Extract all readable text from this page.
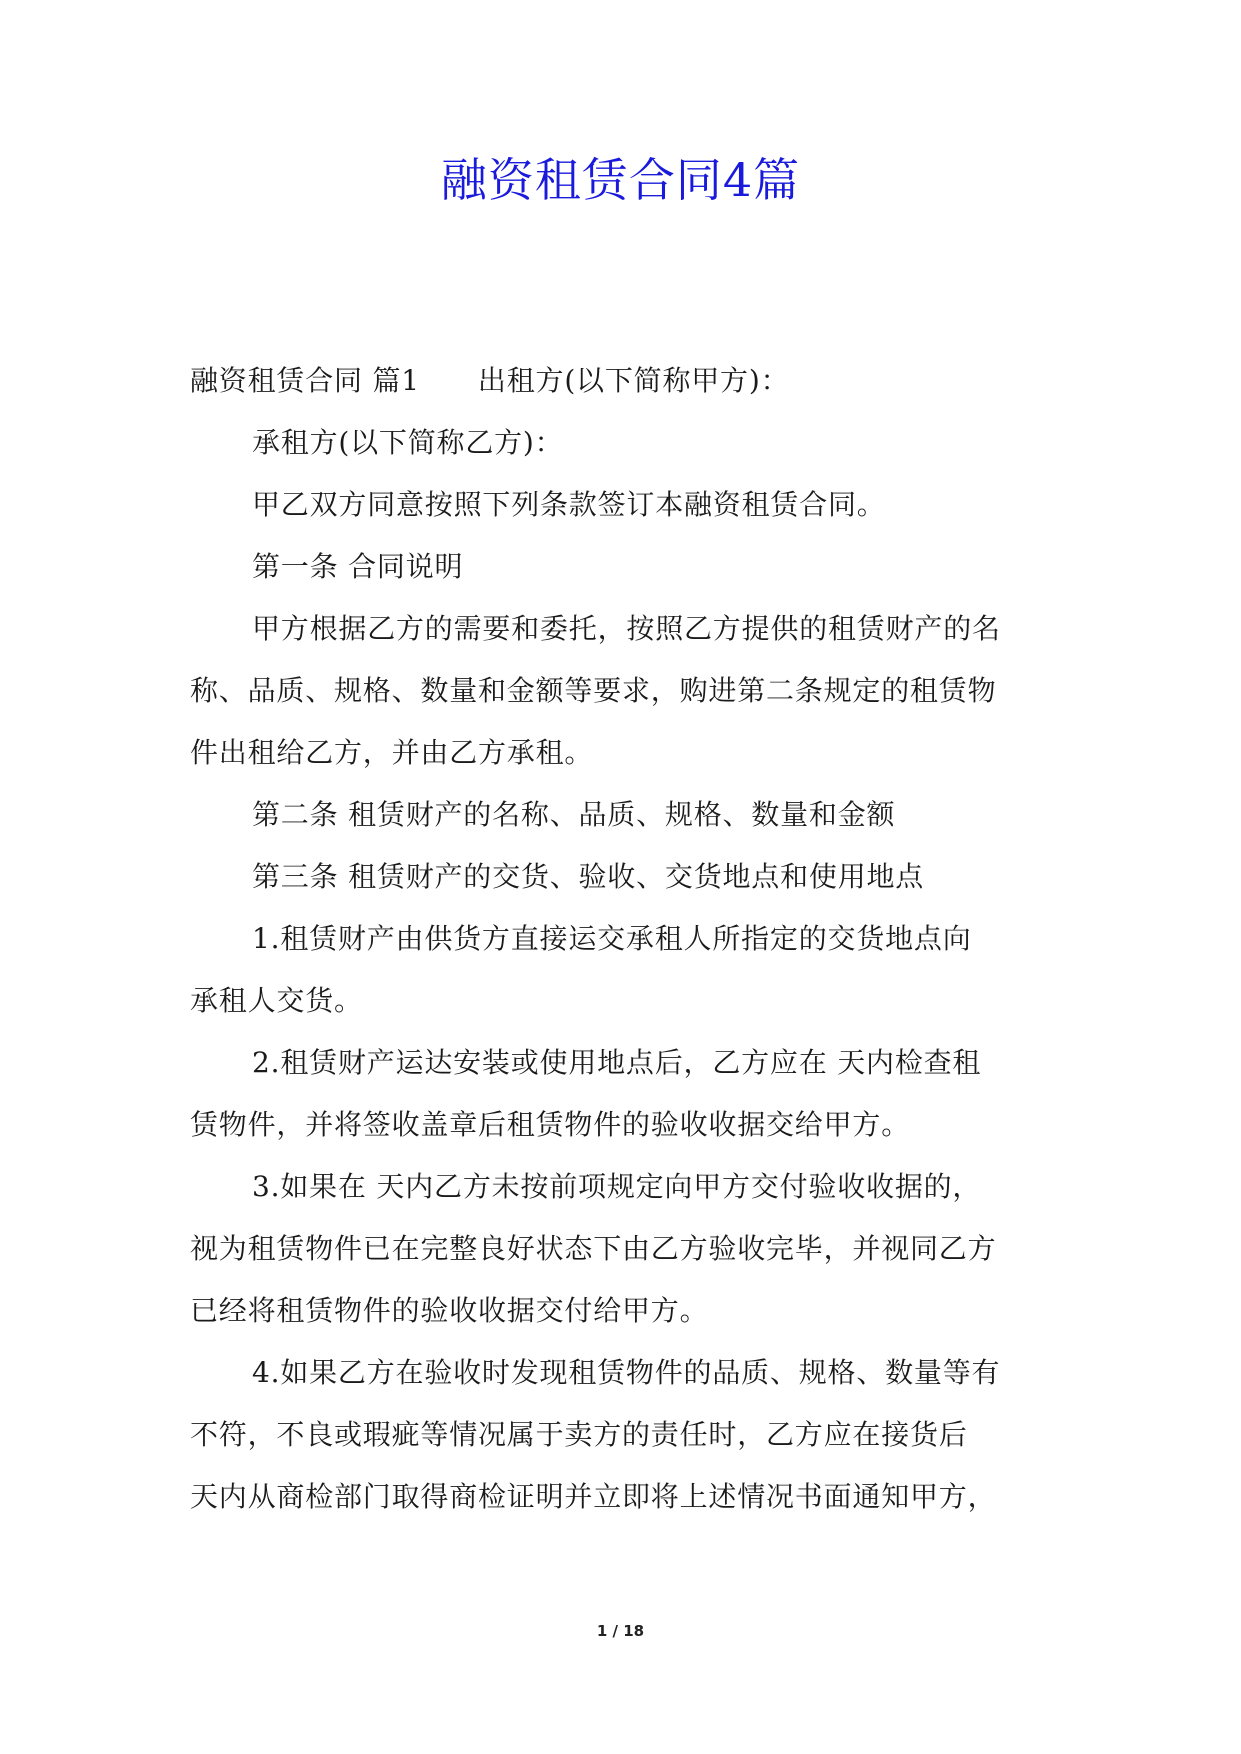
融资租赁合同4篇

融资租赁合同 篇1 出租方(以下简称甲方)：

承租方(以下简称乙方)：

甲乙双方同意按照下列条款签订本融资租赁合同。

第一条 合同说明

甲方根据乙方的需要和委托，按照乙方提供的租赁财产的名

称、品质、规格、数量和金额等要求，购进第二条规定的租赁物

件出租给乙方，并由乙方承租。

第二条 租赁财产的名称、品质、规格、数量和金额

第三条 租赁财产的交货、验收、交货地点和使用地点

1.租赁财产由供货方直接运交承租人所指定的交货地点向

承租人交货。

2.租赁财产运达安装或使用地点后，乙方应在 天内检查租

赁物件，并将签收盖章后租赁物件的验收收据交给甲方。

3.如果在 天内乙方未按前项规定向甲方交付验收收据的，

视为租赁物件已在完整良好状态下由乙方验收完毕，并视同乙方

已经将租赁物件的验收收据交付给甲方。

4.如果乙方在验收时发现租赁物件的品质、规格、数量等有

不符，不良或瑕疵等情况属于卖方的责任时，乙方应在接货后

天内从商检部门取得商检证明并立即将上述情况书面通知甲方，

1 / 18
